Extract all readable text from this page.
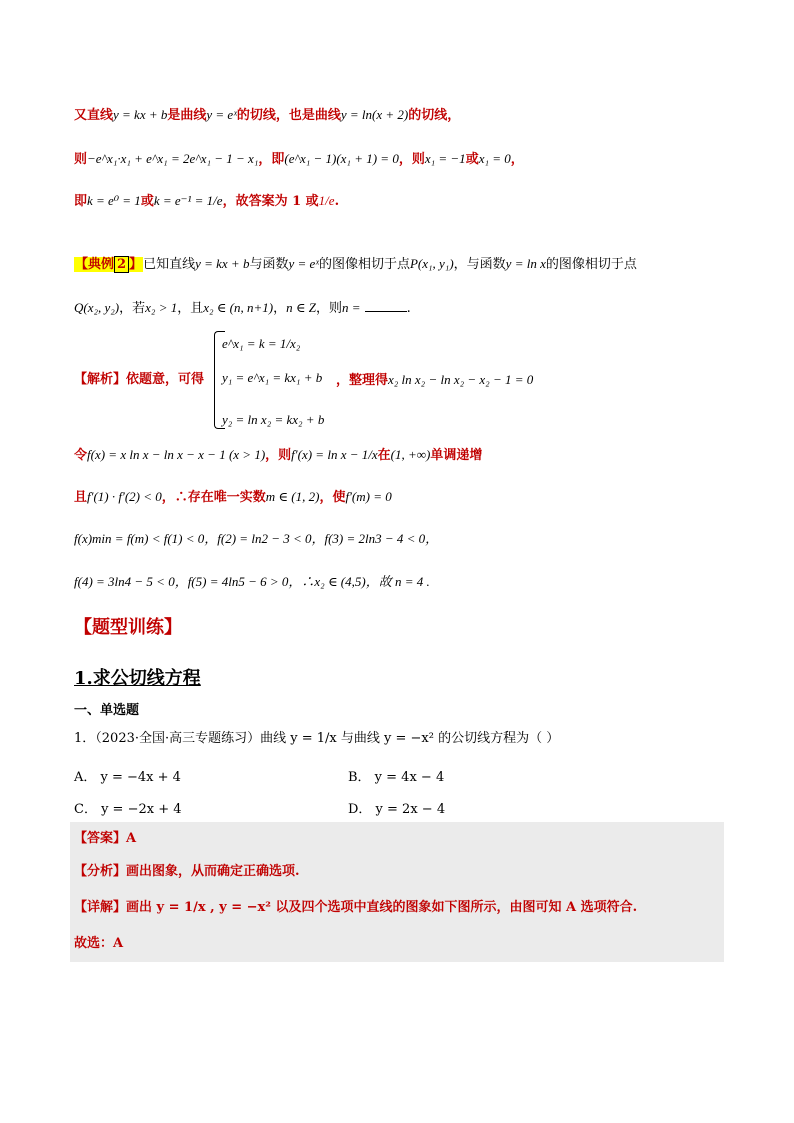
又直线y = kx + b是曲线y = eˣ的切线，也是曲线y = ln(x + 2)的切线，
则−e^x₁·x₁ + e^x₁ = 2e^x₁ − 1 − x₁，即(e^x₁ − 1)(x₁ + 1) = 0，则x₁ = −1或x₁ = 0，
即k = e⁰ = 1或k = e⁻¹ = 1/e，故答案为 1 或1/e.
【典例 2 】已知直线y = kx + b与函数y = eˣ的图像相切于点P(x₁, y₁)，与函数y = ln x的图像相切于点
Q(x₂, y₂)，若x₂ > 1，且x₂ ∈ (n, n+1)，n ∈ Z，则n =	.
【解析】依题意，可得
e^x₁ = k = 1/x₂
y₁ = e^x₁ = kx₁ + b
y₂ = ln x₂ = kx₂ + b
，整理得x₂ ln x₂ − ln x₂ − x₂ − 1 = 0
令f(x) = x ln x − ln x − x − 1 (x > 1)，则f′(x) = ln x − 1/x在(1, +∞)单调递增
且f′(1) · f′(2) < 0，∴存在唯一实数m ∈ (1, 2)，使f′(m) = 0
f(x)min = f(m) < f(1) < 0，f(2) = ln2 − 3 < 0，f(3) = 2ln3 − 4 < 0，
f(4) = 3ln4 − 5 < 0，f(5) = 4ln5 − 6 > 0，∴x₂ ∈ (4,5)，故 n = 4 .
【题型训练】
1.求公切线方程
一、单选题
1．（2023·全国·高三专题练习）曲线 y = 1/x 与曲线 y = −x² 的公切线方程为（ ）
A． y = −4x + 4	B． y = 4x − 4
C． y = −2x + 4	D． y = 2x − 4
【答案】A
【分析】画出图象，从而确定正确选项.
【详解】画出 y = 1/x , y = −x² 以及四个选项中直线的图象如下图所示，由图可知 A 选项符合.
故选：A
